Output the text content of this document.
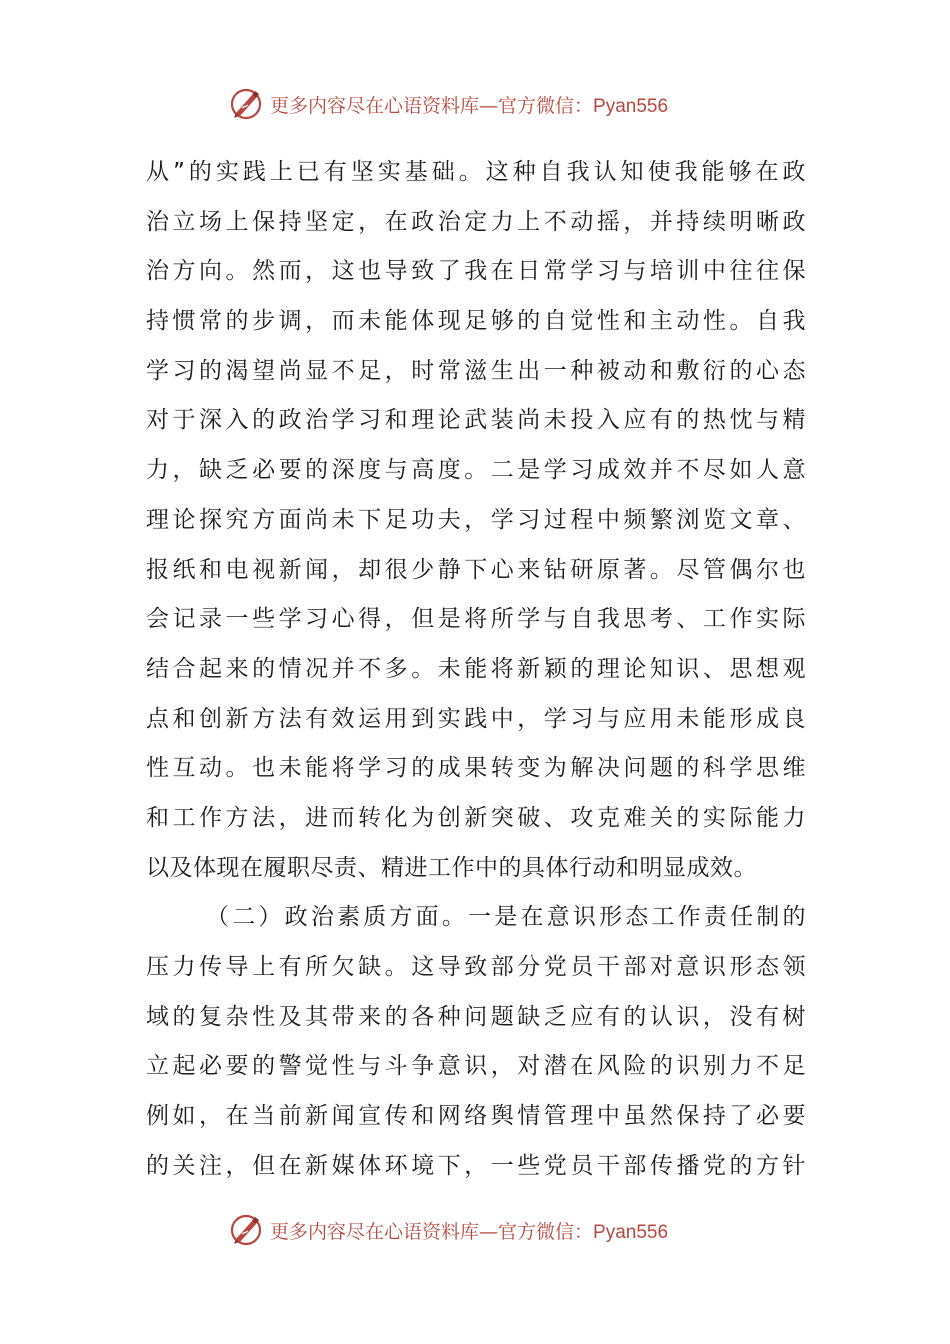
更多内容尽在心语资料库—官方微信：Pyan556
从”的实践上已有坚实基础。这种自我认知使我能够在政
治立场上保持坚定，在政治定力上不动摇，并持续明晰政
治方向。然而，这也导致了我在日常学习与培训中往往保
持惯常的步调，而未能体现足够的自觉性和主动性。自我
学习的渴望尚显不足，时常滋生出一种被动和敷衍的心态
对于深入的政治学习和理论武装尚未投入应有的热忱与精
力，缺乏必要的深度与高度。二是学习成效并不尽如人意
理论探究方面尚未下足功夫，学习过程中频繁浏览文章、
报纸和电视新闻，却很少静下心来钻研原著。尽管偶尔也
会记录一些学习心得，但是将所学与自我思考、工作实际
结合起来的情况并不多。未能将新颖的理论知识、思想观
点和创新方法有效运用到实践中，学习与应用未能形成良
性互动。也未能将学习的成果转变为解决问题的科学思维
和工作方法，进而转化为创新突破、攻克难关的实际能力
以及体现在履职尽责、精进工作中的具体行动和明显成效。
（二）政治素质方面。一是在意识形态工作责任制的
压力传导上有所欠缺。这导致部分党员干部对意识形态领
域的复杂性及其带来的各种问题缺乏应有的认识，没有树
立起必要的警觉性与斗争意识，对潜在风险的识别力不足
例如，在当前新闻宣传和网络舆情管理中虽然保持了必要
的关注，但在新媒体环境下，一些党员干部传播党的方针
更多内容尽在心语资料库—官方微信：Pyan556
